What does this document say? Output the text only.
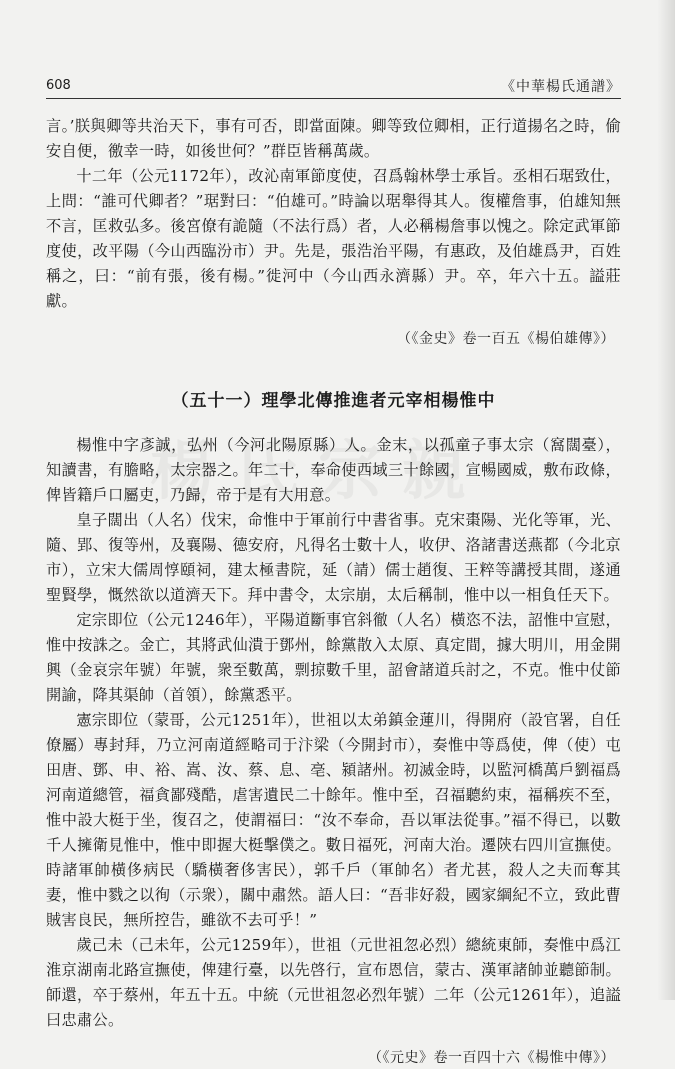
608	《中華楊氏通譜》

言。’朕與卿等共治天下，事有可否，即當面陳。卿等致位卿相，正行道揚名之時，偷安自便，徼幸一時，如後世何？”群臣皆稱萬歲。

十二年（公元1172年），改沁南軍節度使，召爲翰林學士承旨。丞相石琚致仕，上問：“誰可代卿者？”琚對曰：“伯雄可。”時論以琚舉得其人。復權詹事，伯雄知無不言，匡救弘多。後宮僚有詭隨（不法行爲）者，人必稱楊詹事以愧之。除定武軍節度使，改平陽（今山西臨汾市）尹。先是，張浩治平陽，有惠政，及伯雄爲尹，百姓稱之，曰：“前有張，後有楊。”徙河中（今山西永濟縣）尹。卒，年六十五。謚莊獻。

（《金史》卷一百五《楊伯雄傳》）
（五十一）理學北傳推進者元宰相楊惟中

楊惟中字彥誠，弘州（今河北陽原縣）人。金末，以孤童子事太宗（窩闊臺），知讀書，有膽略，太宗器之。年二十，奉命使西域三十餘國，宣暢國威，敷布政條，俾皆籍戶口屬吏，乃歸，帝于是有大用意。

皇子闊出（人名）伐宋，命惟中于軍前行中書省事。克宋棗陽、光化等軍，光、隨、郢、復等州，及襄陽、德安府，凡得名士數十人，收伊、洛諸書送燕都（今北京市），立宋大儒周惇頤祠，建太極書院，延（請）儒士趙復、王粹等講授其間，遂通聖賢學，慨然欲以道濟天下。拜中書令，太宗崩，太后稱制，惟中以一相負任天下。

定宗即位（公元1246年），平陽道斷事官斜徹（人名）橫恣不法，詔惟中宣慰，惟中按誅之。金亡，其將武仙潰于鄧州，餘黨散入太原、真定間，據大明川，用金開興（金哀宗年號）年號，衆至數萬，剽掠數千里，詔會諸道兵討之，不克。惟中仗節開諭，降其渠帥（首領），餘黨悉平。

憲宗即位（蒙哥，公元1251年），世祖以太弟鎮金蓮川，得開府（設官署，自任僚屬）專封拜，乃立河南道經略司于汴梁（今開封市），奏惟中等爲使，俾（使）屯田唐、鄧、申、裕、嵩、汝、蔡、息、亳、潁諸州。初滅金時，以監河橋萬戶劉福爲河南道總管，福貪鄙殘酷，虐害遺民二十餘年。惟中至，召福聽約束，福稱疾不至，惟中設大梃于坐，復召之，使謂福曰：“汝不奉命，吾以軍法從事。”福不得已，以數千人擁衛見惟中，惟中即握大梃擊僕之。數日福死，河南大治。遷陝右四川宣撫使。時諸軍帥橫侈病民（驕橫奢侈害民），郭千戶（軍帥名）者尤甚，殺人之夫而奪其妻，惟中戮之以徇（示衆），關中肅然。語人曰：“吾非好殺，國家綱紀不立，致此曹賊害良民，無所控告，雖欲不去可乎！”

歲己未（己未年，公元1259年），世祖（元世祖忽必烈）總統東師，奏惟中爲江淮京湖南北路宣撫使，俾建行臺，以先啓行，宣布恩信，蒙古、漢軍諸帥並聽節制。師還，卒于蔡州，年五十五。中統（元世祖忽必烈年號）二年（公元1261年），追謚曰忠肅公。

（《元史》卷一百四十六《楊惟中傳》）
